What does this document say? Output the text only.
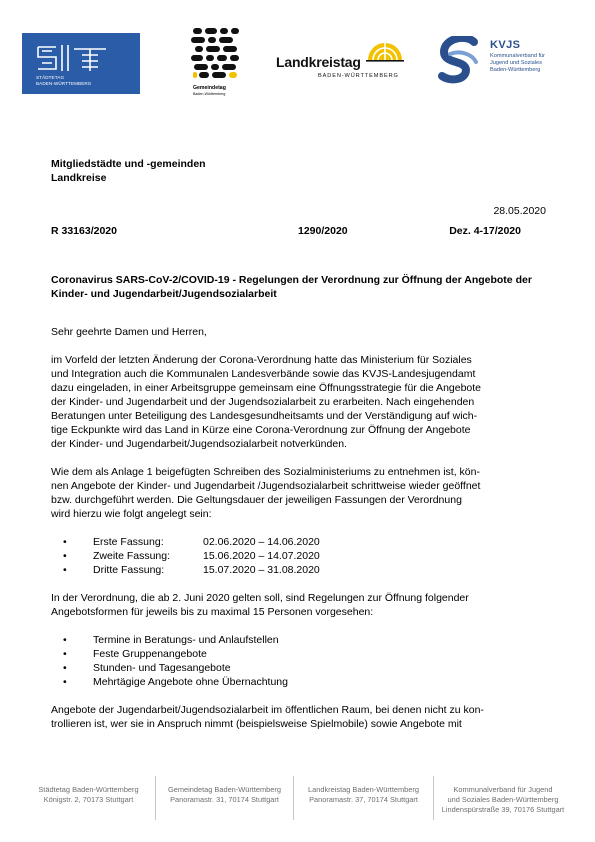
STÄDTETAG
BADEN-WÜRTTEMBERG
Gemeindetag
Baden-Württemberg
Landkreistag
BADEN-WÜRTTEMBERG
KVJS
Kommunalverband für
Jugend und Soziales
Baden-Württemberg
Mitgliedstädte und -gemeinden
Landkreise
28.05.2020
R 33163/2020	1290/2020	Dez. 4-17/2020
Coronavirus SARS-CoV-2/COVID-19 - Regelungen der Verordnung zur Öffnung der Angebote der Kinder- und Jugendarbeit/Jugendsozialarbeit
Sehr geehrte Damen und Herren,
im Vorfeld der letzten Änderung der Corona-Verordnung hatte das Ministerium für Soziales
und Integration auch die Kommunalen Landesverbände sowie das KVJS-Landesjugendamt
dazu eingeladen, in einer Arbeitsgruppe gemeinsam eine Öffnungsstrategie für die Angebote
der Kinder- und Jugendarbeit und der Jugendsozialarbeit zu erarbeiten. Nach eingehenden
Beratungen unter Beteiligung des Landesgesundheitsamts und der Verständigung auf wich-
tige Eckpunkte wird das Land in Kürze eine Corona-Verordnung zur Öffnung der Angebote
der Kinder- und Jugendarbeit/Jugendsozialarbeit notverkünden.
Wie dem als Anlage 1 beigefügten Schreiben des Sozialministeriums zu entnehmen ist, kön-
nen Angebote der Kinder- und Jugendarbeit /Jugendsozialarbeit schrittweise wieder geöffnet
bzw. durchgeführt werden. Die Geltungsdauer der jeweiligen Fassungen der Verordnung
wird hierzu wie folgt angelegt sein:
•	Erste Fassung:	02.06.2020 – 14.06.2020
•	Zweite Fassung:	15.06.2020 – 14.07.2020
•	Dritte Fassung:	15.07.2020 – 31.08.2020
In der Verordnung, die ab 2. Juni 2020 gelten soll, sind Regelungen zur Öffnung folgender
Angebotsformen für jeweils bis zu maximal 15 Personen vorgesehen:
•	Termine in Beratungs- und Anlaufstellen
•	Feste Gruppenangebote
•	Stunden- und Tagesangebote
•	Mehrtägige Angebote ohne Übernachtung
Angebote der Jugendarbeit/Jugendsozialarbeit im öffentlichen Raum, bei denen nicht zu kon-
trollieren ist, wer sie in Anspruch nimmt (beispielsweise Spielmobile) sowie Angebote mit
Städtetag Baden-Württemberg
Königstr. 2, 70173 Stuttgart
Gemeindetag Baden-Württemberg
Panoramastr. 31, 70174 Stuttgart
Landkreistag Baden-Württemberg
Panoramastr. 37, 70174 Stuttgart
Kommunalverband für Jugend
und Soziales Baden-Württemberg
Lindenspürstraße 39, 70176 Stuttgart
